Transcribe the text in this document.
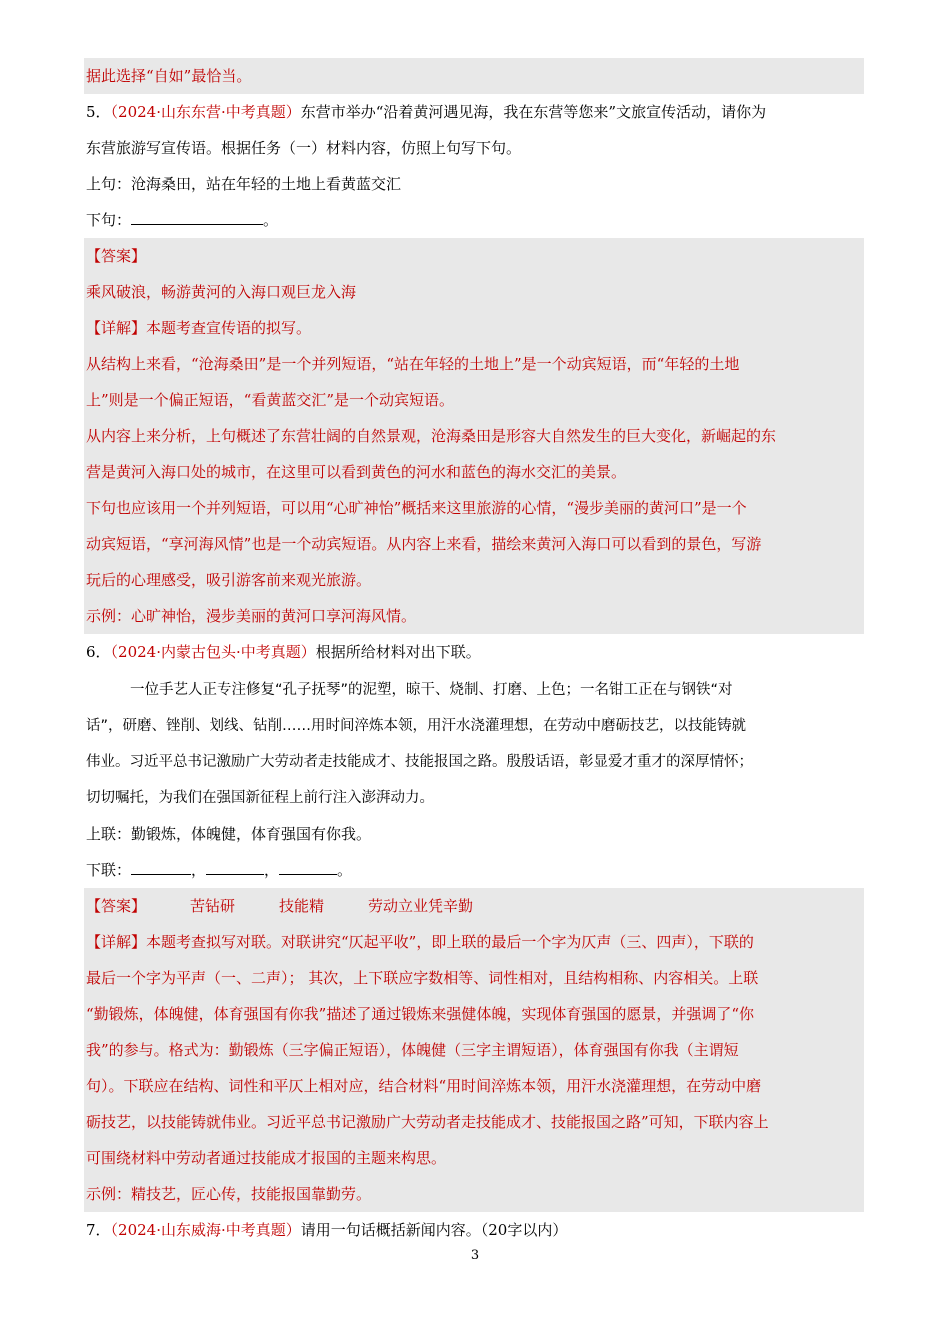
据此选择“自如”最恰当。
5．（2024·山东东营·中考真题）东营市举办“沿着黄河遇见海，我在东营等您来”文旅宣传活动，请你为
东营旅游写宣传语。根据任务（一）材料内容，仿照上句写下句。
上句：沧海桑田，站在年轻的土地上看黄蓝交汇
下句：	。
【答案】
乘风破浪，畅游黄河的入海口观巨龙入海
【详解】本题考查宣传语的拟写。
从结构上来看，“沧海桑田”是一个并列短语，“站在年轻的土地上”是一个动宾短语，而“年轻的土地
上”则是一个偏正短语，“看黄蓝交汇”是一个动宾短语。
从内容上来分析，上句概述了东营壮阔的自然景观，沧海桑田是形容大自然发生的巨大变化，新崛起的东
营是黄河入海口处的城市，在这里可以看到黄色的河水和蓝色的海水交汇的美景。
下句也应该用一个并列短语，可以用“心旷神怡”概括来这里旅游的心情，“漫步美丽的黄河口”是一个
动宾短语，“享河海风情”也是一个动宾短语。从内容上来看，描绘来黄河入海口可以看到的景色，写游
玩后的心理感受，吸引游客前来观光旅游。
示例：心旷神怡，漫步美丽的黄河口享河海风情。
6．（2024·内蒙古包头·中考真题）根据所给材料对出下联。
一位手艺人正专注修复“孔子抚琴”的泥塑，晾干、烧制、打磨、上色；一名钳工正在与钢铁“对
话”，研磨、锉削、划线、钻削……用时间淬炼本领，用汗水浇灌理想，在劳动中磨砺技艺，以技能铸就
伟业。习近平总书记激励广大劳动者走技能成才、技能报国之路。殷殷话语，彰显爱才重才的深厚情怀；
切切嘱托，为我们在强国新征程上前行注入澎湃动力。
上联：勤锻炼，体魄健，体育强国有你我。
下联：	，	，	。
【答案】	苦钻研	技能精	劳动立业凭辛勤
【详解】本题考查拟写对联。对联讲究“仄起平收”，即上联的最后一个字为仄声（三、四声），下联的
最后一个字为平声（一、二声）； 其次，上下联应字数相等、词性相对，且结构相称、内容相关。上联
“勤锻炼，体魄健，体育强国有你我”描述了通过锻炼来强健体魄，实现体育强国的愿景，并强调了“你
我”的参与。格式为：勤锻炼（三字偏正短语），体魄健（三字主谓短语），体育强国有你我（主谓短
句）。下联应在结构、词性和平仄上相对应，结合材料“用时间淬炼本领，用汗水浇灌理想，在劳动中磨
砺技艺，以技能铸就伟业。习近平总书记激励广大劳动者走技能成才、技能报国之路”可知，下联内容上
可围绕材料中劳动者通过技能成才报国的主题来构思。
示例：精技艺，匠心传，技能报国靠勤劳。
7．（2024·山东威海·中考真题）请用一句话概括新闻内容。（20字以内）
3
